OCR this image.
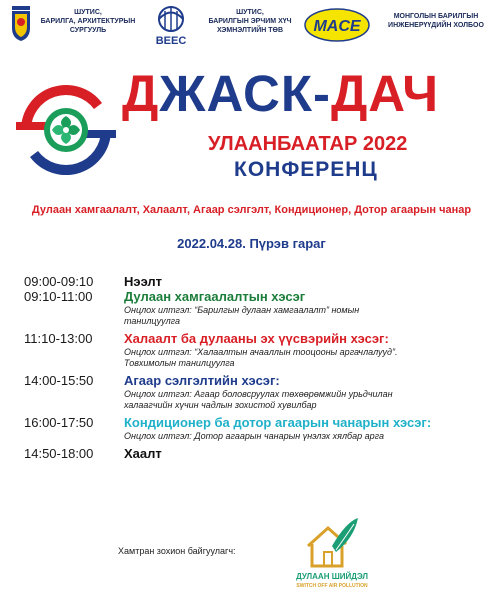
ШУТИС,
БАРИЛГА, АРХИТЕКТУРЫН
СУРГУУЛЬ
BEEC
ШУТИС,
БАРИЛГЫН ЭРЧИМ ХҮЧ
ХЭМНЭЛТИЙН ТӨВ	MACE
МОНГОЛЫН БАРИЛГЫН
ИНЖЕНЕРҮҮДИЙН ХОЛБОО
ДЖАСК-ДАЧ
УЛААНБААТАР 2022
КОНФЕРЕНЦ
Дулаан хамгаалалт, Халаалт, Агаар сэлгэлт, Кондиционер, Дотор агаарын чанар
2022.04.28. Пүрэв гараг
09:00-09:10	Нээлт
09:10-11:00	Дулаан хамгаалалтын хэсэг
Онцлох илтгэл: “Барилгын дулаан хамгаалалт” номын
танилцуулга
11:10-13:00	Халаалт ба дулааны эх үүсвэрийн хэсэг:
Онцлох илтгэл: “Халаалтын ачааллын тооцооны аргачлалууд”.
Товхимолын танилцуулга
14:00-15:50	Агаар сэлгэлтийн хэсэг:
Онцлох илтгэл: Агаар боловсруулах төхөөрөмжийн урьдчилан
халаагчийн хүчин чадлын зохистой хувилбар
16:00-17:50	Кондиционер ба дотор агаарын чанарын хэсэг:
Онцлох илтгэл: Дотор агаарын чанарын үнэлэх хялбар арга
14:50-18:00	Хаалт
Хамтран зохион байгуулагч:
ДУЛААН ШИЙДЭЛ
SWITCH OFF AIR POLLUTION
